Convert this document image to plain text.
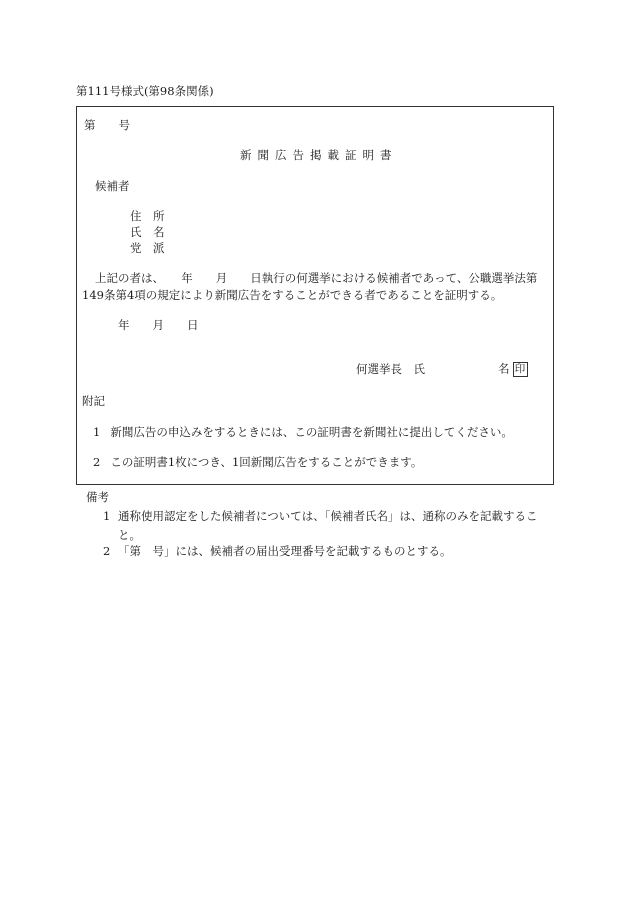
第111号様式(第98条関係)
第　　号
新聞広告掲載証明書
候補者
住　所
氏　名
党　派
上記の者は、　　年　　月　　日執行の何選挙における候補者であって、公職選挙法第
149条第4項の規定により新聞広告をすることができる者であることを証明する。
年　　月　　日
何選挙長　氏	名 印
附記
1 新聞広告の申込みをするときには、この証明書を新聞社に提出してください。
2 この証明書1枚につき、1回新聞広告をすることができます。
備考
1 通称使用認定をした候補者については、「候補者氏名」は、通称のみを記載すること。
2 「第　号」には、候補者の届出受理番号を記載するものとする。
